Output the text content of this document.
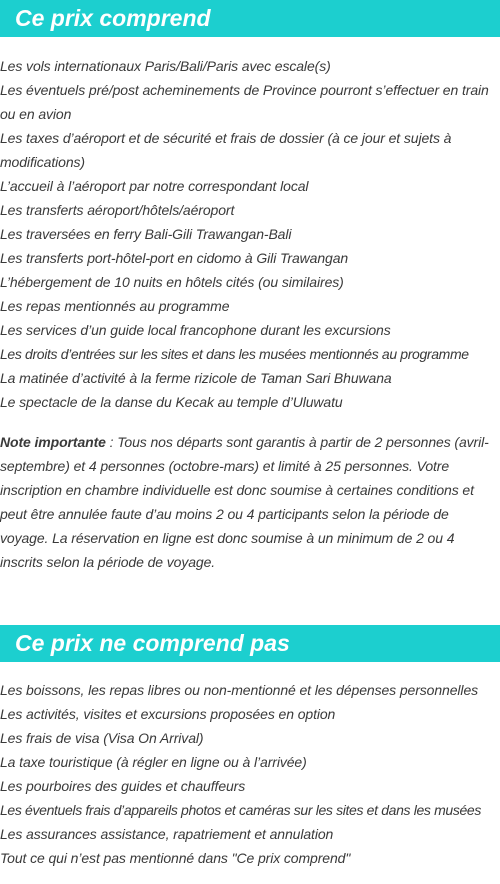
Ce prix comprend
Les vols internationaux Paris/Bali/Paris avec escale(s)
Les éventuels pré/post acheminements de Province pourront s’effectuer en train ou en avion
Les taxes d’aéroport et de sécurité et frais de dossier (à ce jour et sujets à modifications)
L’accueil à l’aéroport par notre correspondant local
Les transferts aéroport/hôtels/aéroport
Les traversées en ferry Bali-Gili Trawangan-Bali
Les transferts port-hôtel-port en cidomo à Gili Trawangan
L’hébergement de 10 nuits en hôtels cités (ou similaires)
Les repas mentionnés au programme
Les services d’un guide local francophone durant les excursions
Les droits d’entrées sur les sites et dans les musées mentionnés au programme
La matinée d’activité à la ferme rizicole de Taman Sari Bhuwana
Le spectacle de la danse du Kecak au temple d’Uluwatu

Note importante : Tous nos départs sont garantis à partir de 2 personnes (avril-septembre) et 4 personnes (octobre-mars) et limité à 25 personnes. Votre inscription en chambre individuelle est donc soumise à certaines conditions et peut être annulée faute d’au moins 2 ou 4 participants selon la période de voyage. La réservation en ligne est donc soumise à un minimum de 2 ou 4 inscrits selon la période de voyage.

Ce prix ne comprend pas
Les boissons, les repas libres ou non-mentionné et les dépenses personnelles
Les activités, visites et excursions proposées en option
Les frais de visa (Visa On Arrival)
La taxe touristique (à régler en ligne ou à l’arrivée)
Les pourboires des guides et chauffeurs
Les éventuels frais d’appareils photos et caméras sur les sites et dans les musées
Les assurances assistance, rapatriement et annulation
Tout ce qui n’est pas mentionné dans "Ce prix comprend"
